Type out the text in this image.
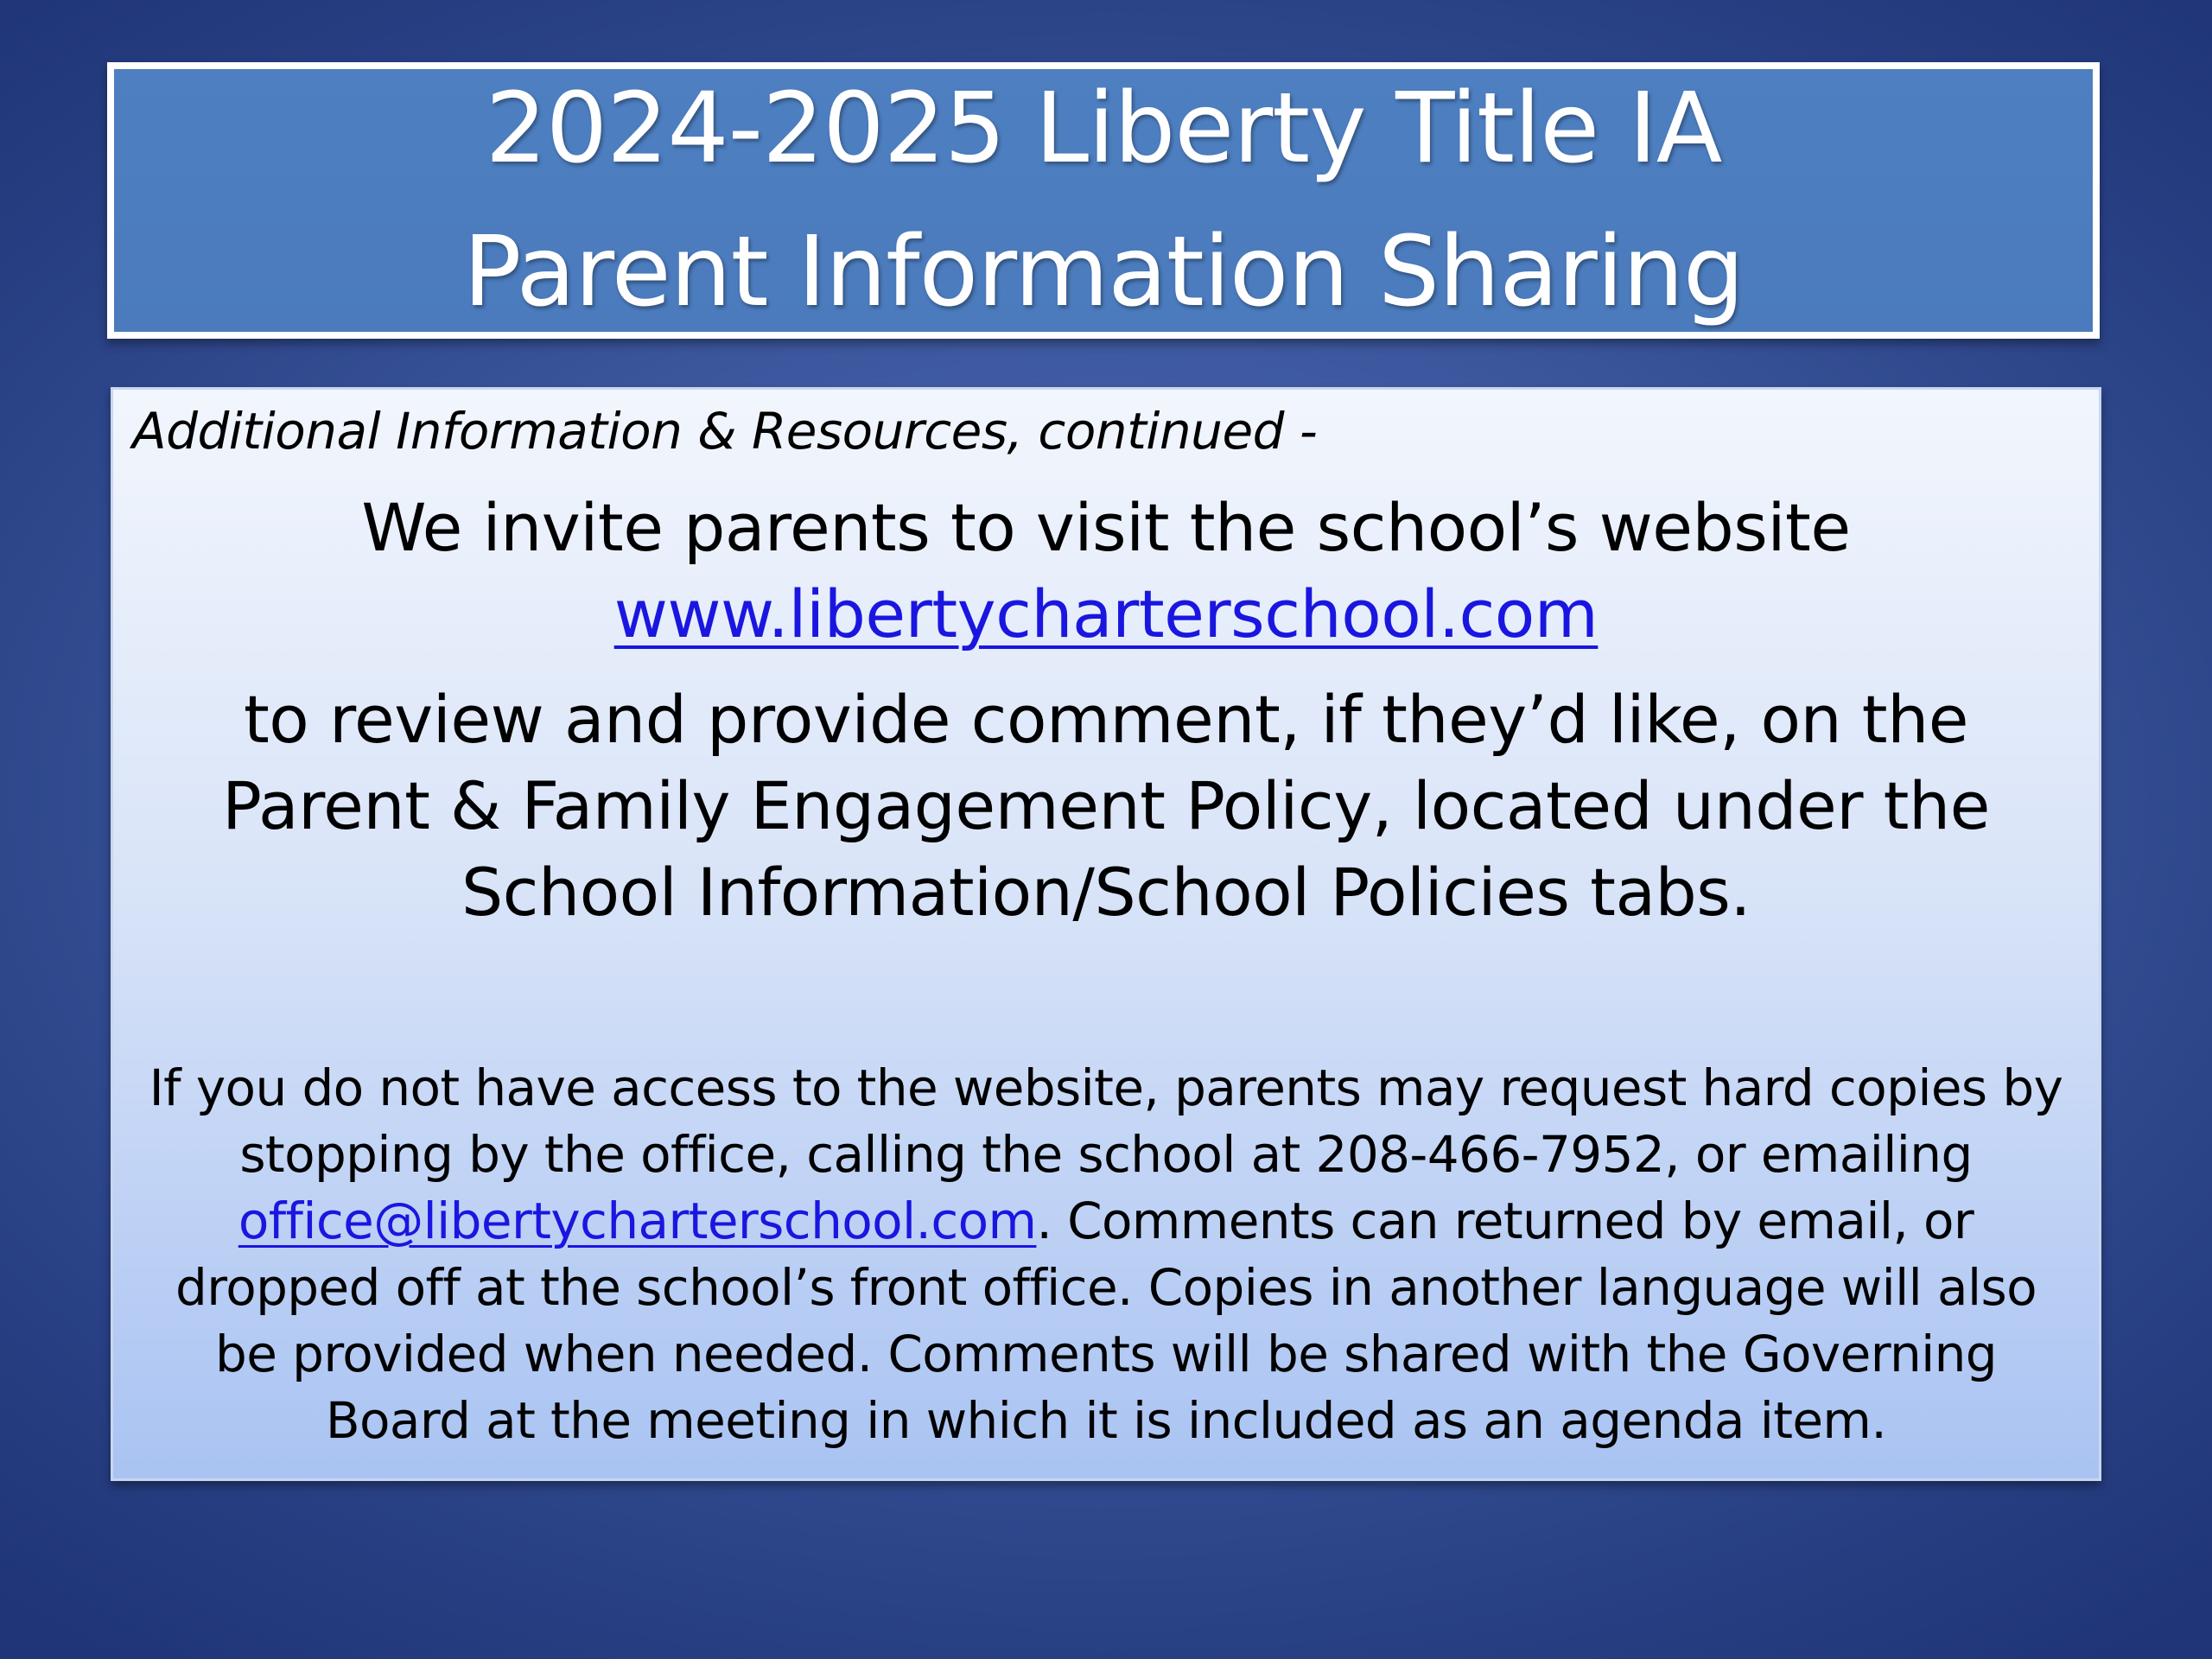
2024-2025 Liberty Title IA
Parent Information Sharing
Additional Information & Resources, continued -
We invite parents to visit the school’s website
www.libertycharterschool.com
to review and provide comment, if they’d like, on the
Parent & Family Engagement Policy, located under the
School Information/School Policies tabs.
If you do not have access to the website, parents may request hard copies by
stopping by the office, calling the school at 208-466-7952, or emailing
office@libertycharterschool.com. Comments can returned by email, or
dropped off at the school’s front office. Copies in another language will also
be provided when needed. Comments will be shared with the Governing
Board at the meeting in which it is included as an agenda item.
